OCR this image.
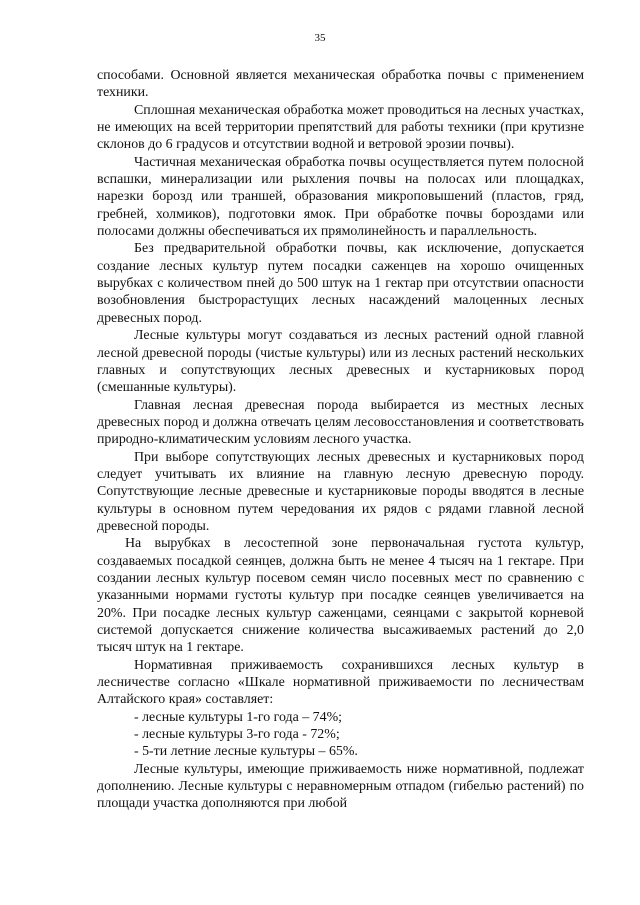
35

способами. Основной является механическая обработка почвы с применением техники.

Сплошная механическая обработка может проводиться на лесных участках, не имеющих на всей территории препятствий для работы техники (при крутизне склонов до 6 градусов и отсутствии водной и ветровой эрозии почвы).

Частичная механическая обработка почвы осуществляется путем полосной вспашки, минерализации или рыхления почвы на полосах или площадках, нарезки борозд или траншей, образования микроповышений (пластов, гряд, гребней, холмиков), подготовки ямок. При обработке почвы бороздами или полосами должны обеспечиваться их прямолинейность и параллельность.

Без предварительной обработки почвы, как исключение, допускается создание лесных культур путем посадки саженцев на хорошо очищенных вырубках с количеством пней до 500 штук на 1 гектар при отсутствии опасности возобновления быстрорастущих лесных насаждений малоценных лесных древесных пород.

Лесные культуры могут создаваться из лесных растений одной главной лесной древесной породы (чистые культуры) или из лесных растений нескольких главных и сопутствующих лесных древесных и кустарниковых пород (смешанные культуры).

Главная лесная древесная порода выбирается из местных лесных древесных пород и должна отвечать целям лесовосстановления и соответствовать природно-климатическим условиям лесного участка.

При выборе сопутствующих лесных древесных и кустарниковых пород следует учитывать их влияние на главную лесную древесную породу. Сопутствующие лесные древесные и кустарниковые породы вводятся в лесные культуры в основном путем чередования их рядов с рядами главной лесной древесной породы.

На вырубках в лесостепной зоне первоначальная густота культур, создаваемых посадкой сеянцев, должна быть не менее 4 тысяч на 1 гектаре. При создании лесных культур посевом семян число посевных мест по сравнению с указанными нормами густоты культур при посадке сеянцев увеличивается на 20%. При посадке лесных культур саженцами, сеянцами с закрытой корневой системой допускается снижение количества высаживаемых растений до 2,0 тысяч штук на 1 гектаре.

Нормативная приживаемость сохранившихся лесных культур в лесничестве согласно «Шкале нормативной приживаемости по лесничествам Алтайского края» составляет:

- лесные культуры 1-го года – 74%;

- лесные культуры 3-го года - 72%;

- 5-ти летние лесные культуры – 65%.

Лесные культуры, имеющие приживаемость ниже нормативной, подлежат дополнению. Лесные культуры с неравномерным отпадом (гибелью растений) по площади участка дополняются при любой
